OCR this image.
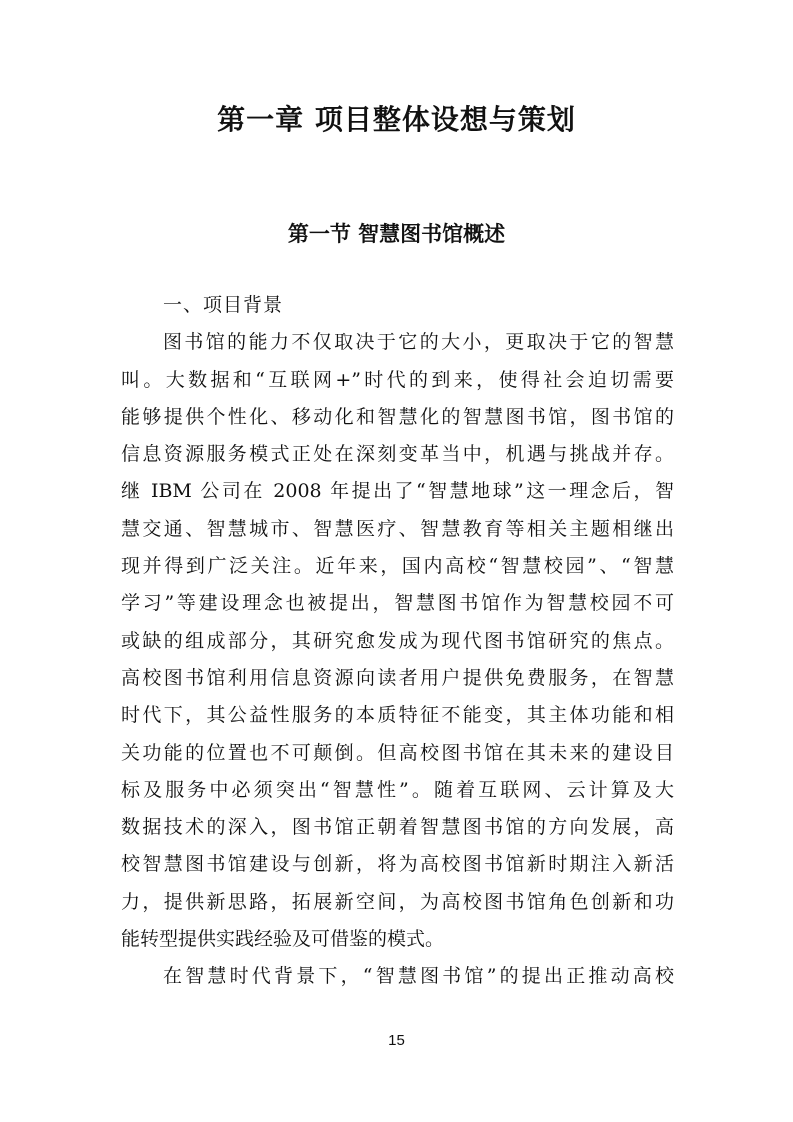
第一章 项目整体设想与策划
第一节 智慧图书馆概述
一、项目背景
图书馆的能力不仅取决于它的大小，更取决于它的智慧
叫。大数据和“互联网+”时代的到来，使得社会迫切需要
能够提供个性化、移动化和智慧化的智慧图书馆，图书馆的
信息资源服务模式正处在深刻变革当中，机遇与挑战并存。
继 IBM 公司在 2008 年提出了“智慧地球”这一理念后，智
慧交通、智慧城市、智慧医疗、智慧教育等相关主题相继出
现并得到广泛关注。近年来，国内高校“智慧校园”、“智慧
学习”等建设理念也被提出，智慧图书馆作为智慧校园不可
或缺的组成部分，其研究愈发成为现代图书馆研究的焦点。
高校图书馆利用信息资源向读者用户提供免费服务，在智慧
时代下，其公益性服务的本质特征不能变，其主体功能和相
关功能的位置也不可颠倒。但高校图书馆在其未来的建设目
标及服务中必须突出“智慧性”。随着互联网、云计算及大
数据技术的深入，图书馆正朝着智慧图书馆的方向发展，高
校智慧图书馆建设与创新，将为高校图书馆新时期注入新活
力，提供新思路，拓展新空间，为高校图书馆角色创新和功
能转型提供实践经验及可借鉴的模式。
在智慧时代背景下，“智慧图书馆”的提出正推动高校
15
